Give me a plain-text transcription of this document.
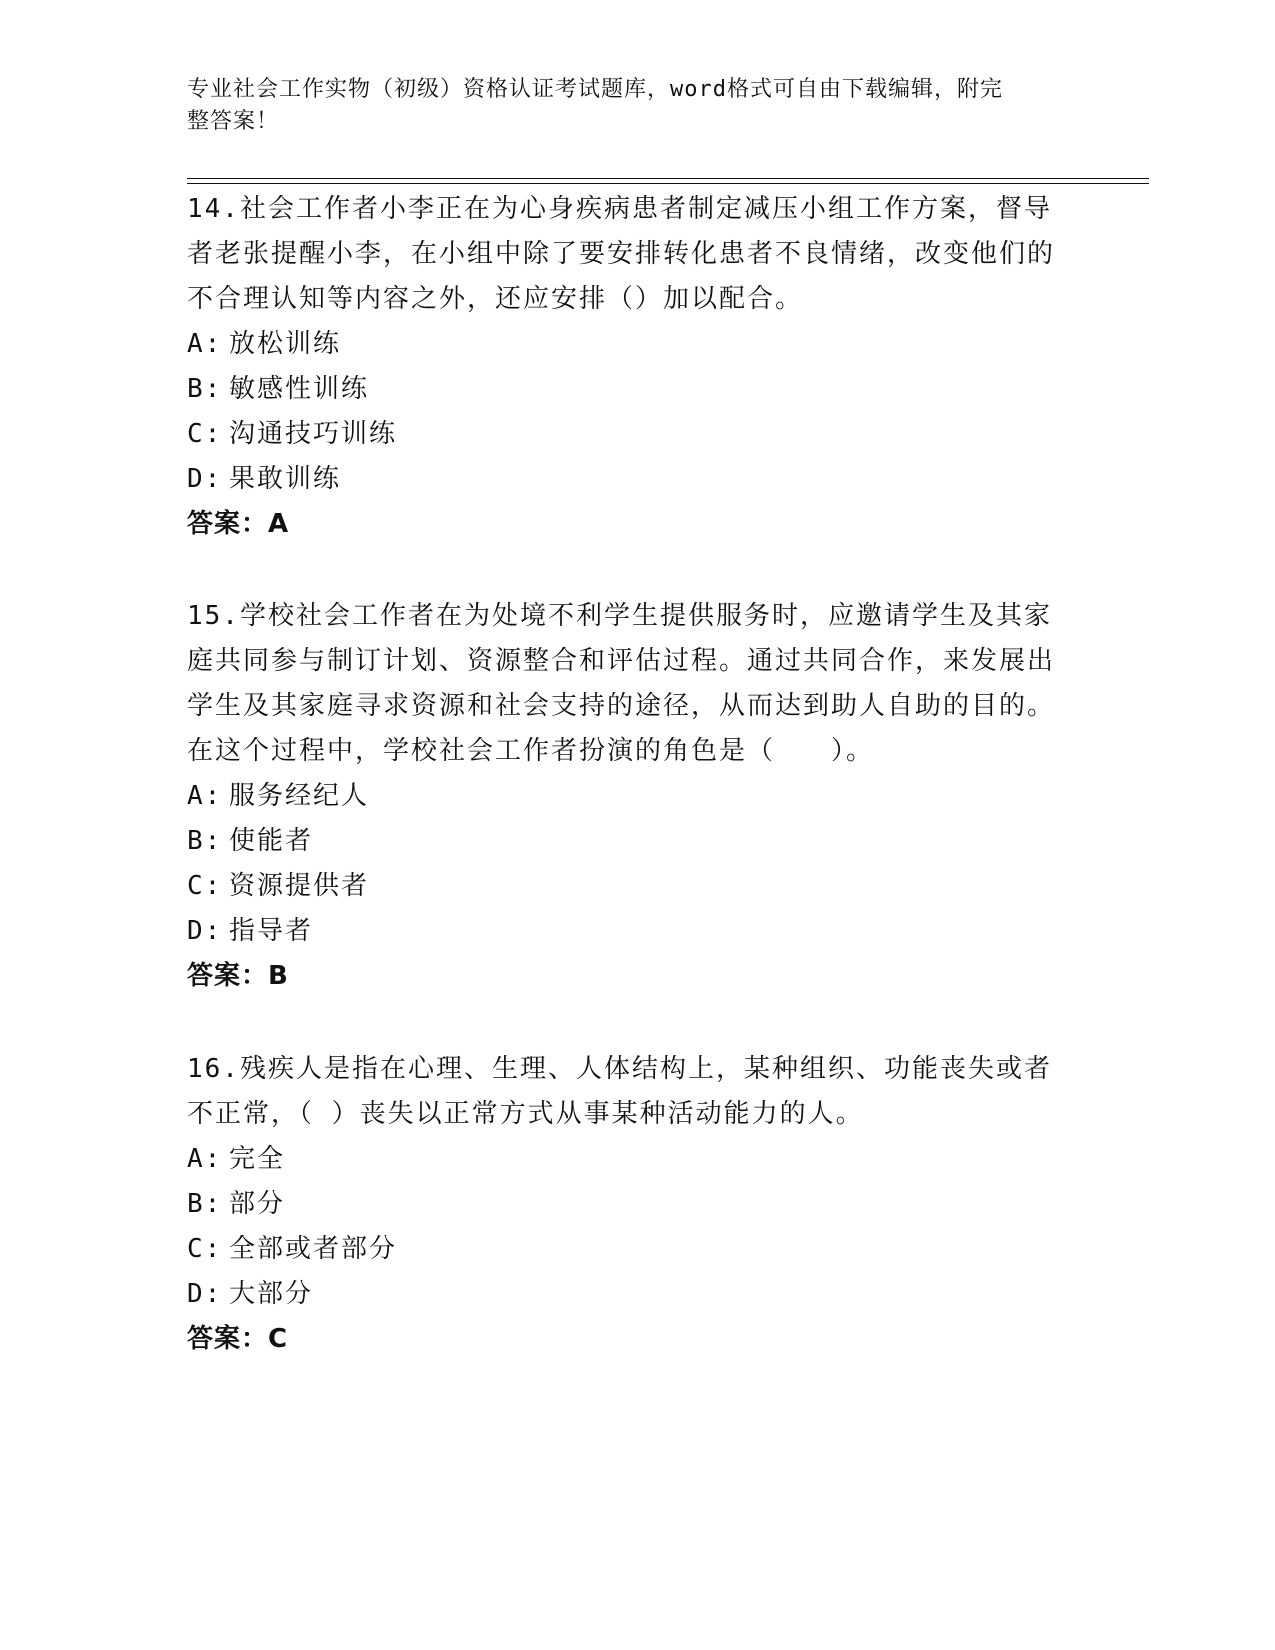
专业社会工作实物（初级）资格认证考试题库，word格式可自由下载编辑，附完
整答案！

14.社会工作者小李正在为心身疾病患者制定减压小组工作方案，督导者老张提醒小李，在小组中除了要安排转化患者不良情绪，改变他们的不合理认知等内容之外，还应安排（）加以配合。

A: 放松训练

B: 敏感性训练

C: 沟通技巧训练

D: 果敢训练

答案：A

15.学校社会工作者在为处境不利学生提供服务时，应邀请学生及其家庭共同参与制订计划、资源整合和评估过程。通过共同合作，来发展出学生及其家庭寻求资源和社会支持的途径，从而达到助人自助的目的。在这个过程中，学校社会工作者扮演的角色是（　　）。

A: 服务经纪人

B: 使能者

C: 资源提供者

D: 指导者

答案：B

16.残疾人是指在心理、生理、人体结构上，某种组织、功能丧失或者不正常，（ ）丧失以正常方式从事某种活动能力的人。

A: 完全

B: 部分

C: 全部或者部分

D: 大部分

答案：C
